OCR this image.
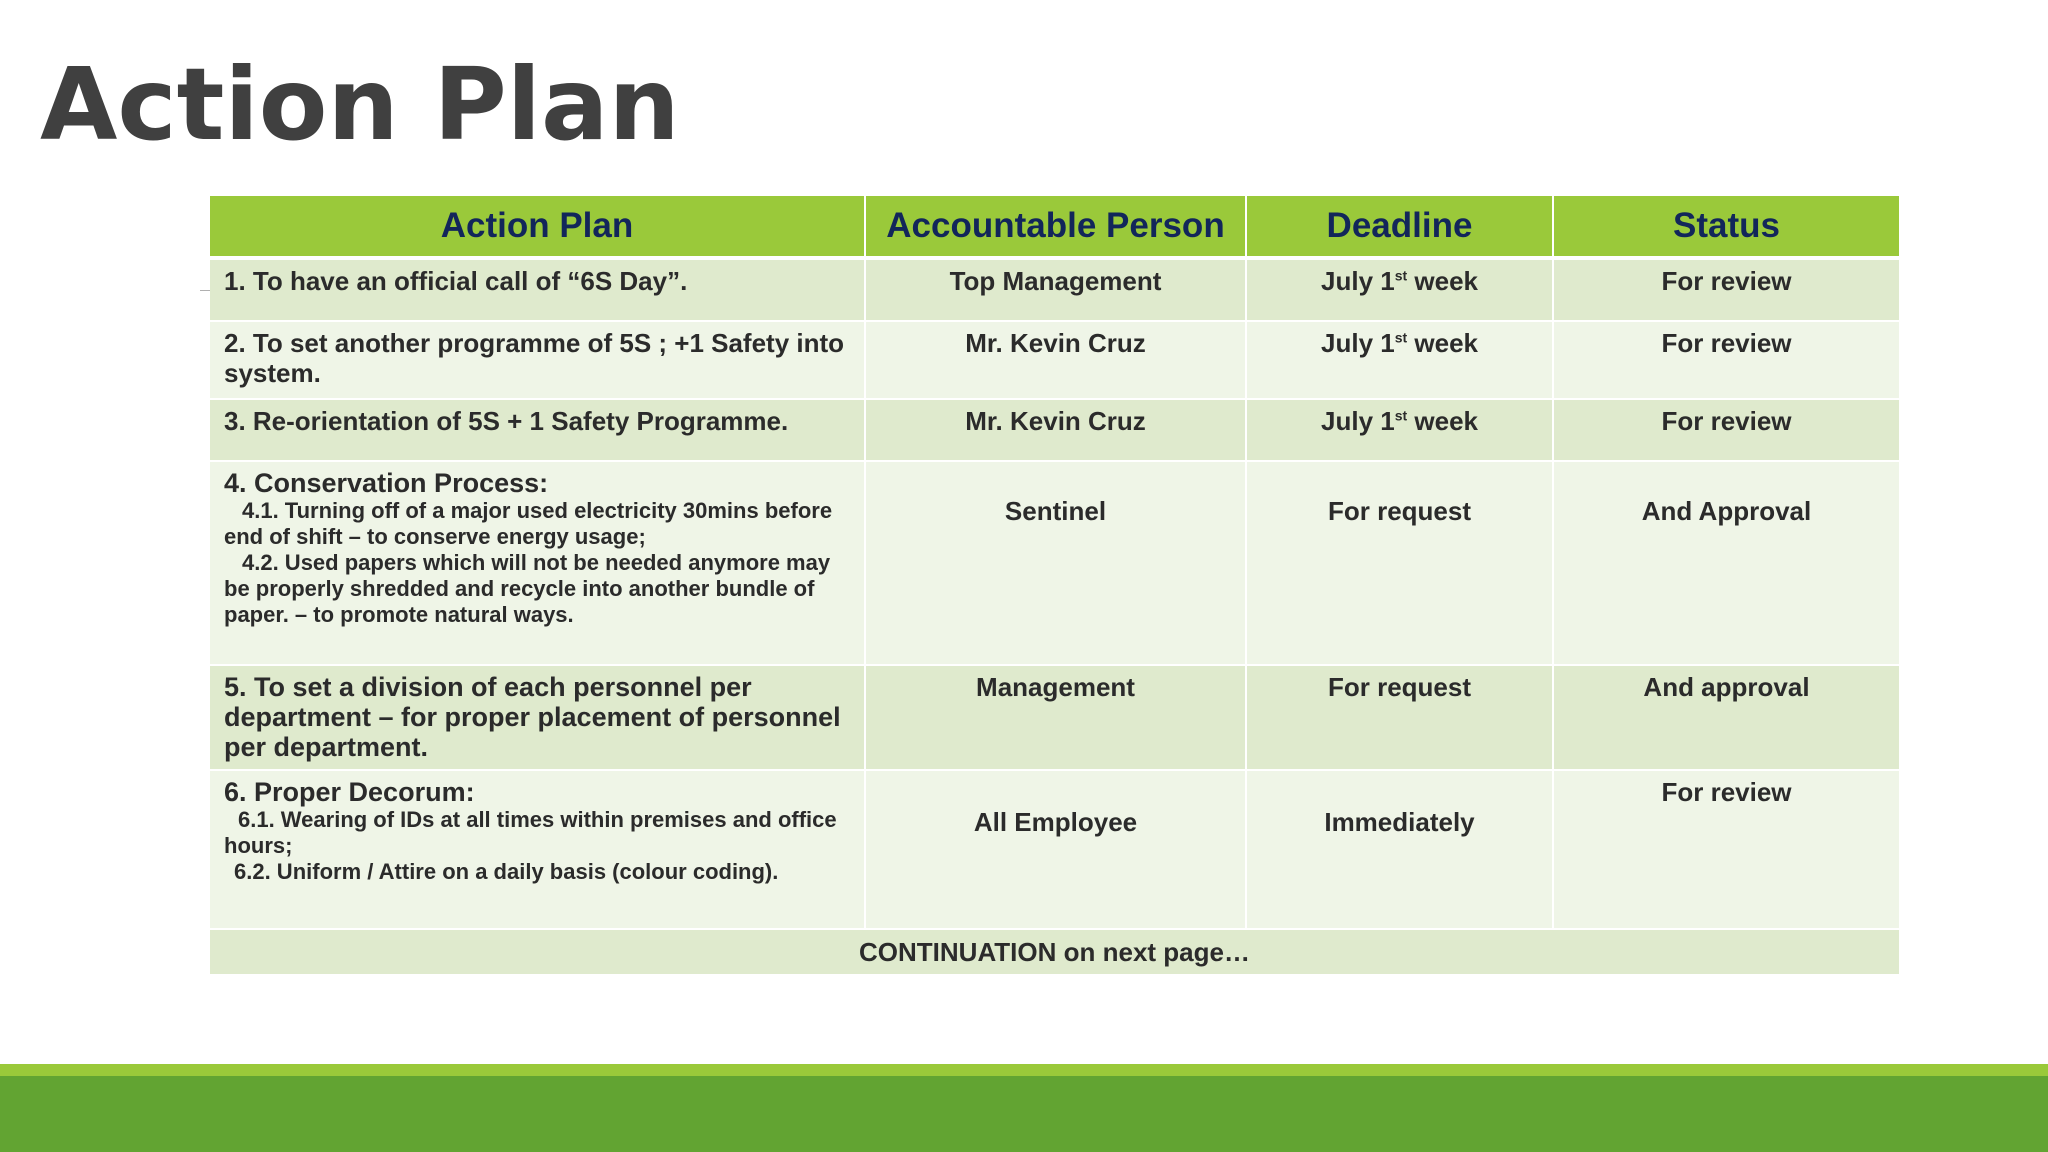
Action Plan
Action Plan	Accountable Person	Deadline	Status
1. To have an official call of “6S Day”.	Top Management	July 1st week	For review
2. To set another programme of 5S ; +1 Safety into system.	Mr. Kevin Cruz	July 1st week	For review
3. Re-orientation of 5S + 1 Safety Programme.	Mr. Kevin Cruz	July 1st week	For review
4. Conservation Process:
4.1. Turning off of a major used electricity 30mins before end of shift – to conserve energy usage;
4.2. Used papers which will not be needed anymore may be properly shredded and recycle into another bundle of paper. – to promote natural ways.	Sentinel	For request	And Approval
5. To set a division of each personnel per department – for proper placement of personnel per department.	Management	For request	And approval
6. Proper Decorum:
6.1. Wearing of IDs at all times within premises and office hours;
6.2. Uniform / Attire on a daily basis (colour coding).	All Employee	Immediately	For review
CONTINUATION on next page…			
